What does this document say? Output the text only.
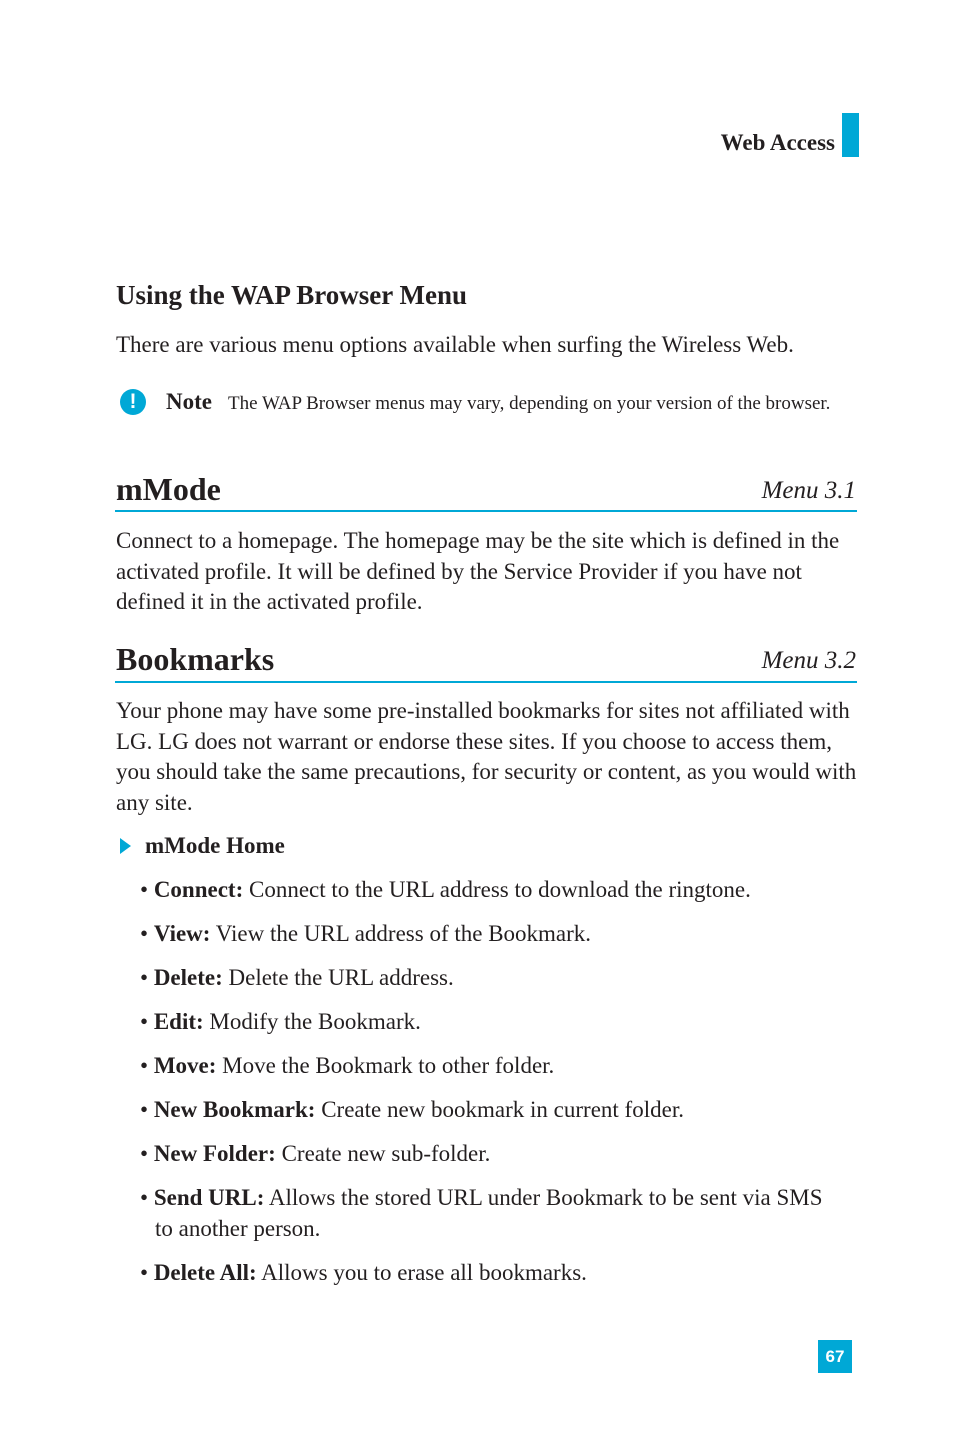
Web Access
Using the WAP Browser Menu
There are various menu options available when surfing the Wireless Web.
!	Note The WAP Browser menus may vary, depending on your version of the browser.
mMode	Menu 3.1
Connect to a homepage. The homepage may be the site which is defined in the activated profile. It will be defined by the Service Provider if you have not defined it in the activated profile.
Bookmarks	Menu 3.2
Your phone may have some pre-installed bookmarks for sites not affiliated with LG. LG does not warrant or endorse these sites. If you choose to access them, you should take the same precautions, for security or content, as you would with any site.
mMode Home
• Connect: Connect to the URL address to download the ringtone.
• View: View the URL address of the Bookmark.
• Delete: Delete the URL address.
• Edit: Modify the Bookmark.
• Move: Move the Bookmark to other folder.
• New Bookmark: Create new bookmark in current folder.
• New Folder: Create new sub-folder.
• Send URL: Allows the stored URL under Bookmark to be sent via SMS to another person.
• Delete All: Allows you to erase all bookmarks.
67
